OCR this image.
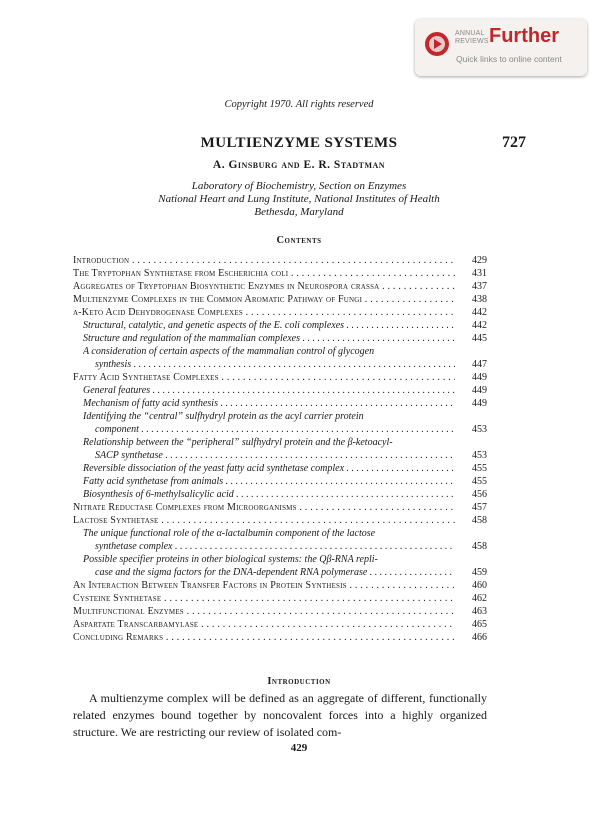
ANNUAL
REVIEWS Further
Quick links to online content
Copyright 1970. All rights reserved
MULTIENZYME SYSTEMS	727
A. Ginsburg and E. R. Stadtman
Laboratory of Biochemistry, Section on Enzymes
National Heart and Lung Institute, National Institutes of Health
Bethesda, Maryland
Contents
Introduction . . .	429
The Tryptophan Synthetase from Escherichia coli . . .	431
Aggregates of Tryptophan Biosynthetic Enzymes in Neurospora crassa . . .	437
Multienzyme Complexes in the Common Aromatic Pathway of Fungi . . .	438
α-Keto Acid Dehydrogenase Complexes . . .	442
Structural, catalytic, and genetic aspects of the E. coli complexes . . .	442
Structure and regulation of the mammalian complexes . . .	445
A consideration of certain aspects of the mammalian control of glycogen
synthesis . . .	447
Fatty Acid Synthetase Complexes . . .	449
General features . . .	449
Mechanism of fatty acid synthesis . . .	449
Identifying the “central” sulfhydryl protein as the acyl carrier protein
component . . .	453
Relationship between the “peripheral” sulfhydryl protein and the β-ketoacyl-
SACP synthetase . . .	453
Reversible dissociation of the yeast fatty acid synthetase complex . . .	455
Fatty acid synthetase from animals . . .	455
Biosynthesis of 6-methylsalicylic acid . . .	456
Nitrate Reductase Complexes from Microorganisms . . .	457
Lactose Synthetase . . .	458
The unique functional role of the α-lactalbumin component of the lactose
synthetase complex . . .	458
Possible specifier proteins in other biological systems: the Qβ-RNA repli-
case and the sigma factors for the DNA-dependent RNA polymerase . . .	459
An Interaction Between Transfer Factors in Protein Synthesis . . .	460
Cysteine Synthetase . . .	462
Multifunctional Enzymes . . .	463
Aspartate Transcarbamylase . . .	465
Concluding Remarks . . .	466
Introduction
A multienzyme complex will be defined as an aggregate of different, functionally related enzymes bound together by noncovalent forces into a highly organized structure. We are restricting our review of isolated com-
429
